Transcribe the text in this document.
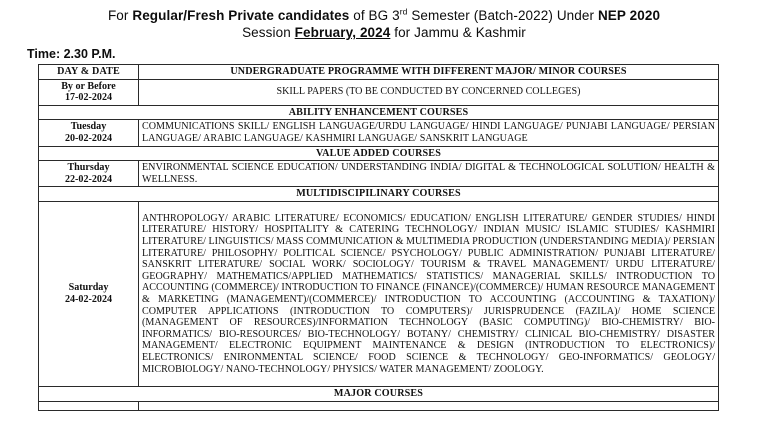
For Regular/Fresh Private candidates of BG 3rd Semester (Batch-2022) Under NEP 2020
Session February, 2024 for Jammu & Kashmir
Time: 2.30 P.M.
DAY & DATE	UNDERGRADUATE PROGRAMME WITH DIFFERENT MAJOR/ MINOR COURSES
By or Before
17-02-2024	SKILL PAPERS (TO BE CONDUCTED BY CONCERNED COLLEGES)
ABILITY ENHANCEMENT COURSES	
Tuesday
20-02-2024	COMMUNICATIONS SKILL/ ENGLISH LANGUAGE/URDU LANGUAGE/ HINDI LANGUAGE/ PUNJABI LANGUAGE/ PERSIAN LANGUAGE/ ARABIC LANGUAGE/ KASHMIRI LANGUAGE/ SANSKRIT LANGUAGE
VALUE ADDED COURSES	
Thursday
22-02-2024	ENVIRONMENTAL SCIENCE EDUCATION/ UNDERSTANDING INDIA/ DIGITAL & TECHNOLOGICAL SOLUTION/ HEALTH & WELLNESS.
MULTIDISCIPILINARY COURSES	
Saturday
24-02-2024	ANTHROPOLOGY/ ARABIC LITERATURE/ ECONOMICS/ EDUCATION/ ENGLISH LITERATURE/ GENDER STUDIES/ HINDI LITERATURE/ HISTORY/ HOSPITALITY & CATERING TECHNOLOGY/ INDIAN MUSIC/ ISLAMIC STUDIES/ KASHMIRI LITERATURE/ LINGUISTICS/ MASS COMMUNICATION & MULTIMEDIA PRODUCTION (UNDERSTANDING MEDIA)/ PERSIAN LITERATURE/ PHILOSOPHY/ POLITICAL SCIENCE/ PSYCHOLOGY/ PUBLIC ADMINISTRATION/ PUNJABI LITERATURE/ SANSKRIT LITERATURE/ SOCIAL WORK/ SOCIOLOGY/ TOURISM & TRAVEL MANAGEMENT/ URDU LITERATURE/ GEOGRAPHY/ MATHEMATICS/APPLIED MATHEMATICS/ STATISTICS/ MANAGERIAL SKILLS/ INTRODUCTION TO ACCOUNTING (COMMERCE)/ INTRODUCTION TO FINANCE (FINANCE)/(COMMERCE)/ HUMAN RESOURCE MANAGEMENT & MARKETING (MANAGEMENT)/(COMMERCE)/ INTRODUCTION TO ACCOUNTING (ACCOUNTING & TAXATION)/ COMPUTER APPLICATIONS (INTRODUCTION TO COMPUTERS)/ JURISPRUDENCE (FAZILA)/ HOME SCIENCE (MANAGEMENT OF RESOURCES)/INFORMATION TECHNOLOGY (BASIC COMPUTING)/ BIO-CHEMISTRY/ BIO-INFORMATICS/ BIO-RESOURCES/ BIO-TECHNOLOGY/ BOTANY/ CHEMISTRY/ CLINICAL BIO-CHEMISTRY/ DISASTER MANAGEMENT/ ELECTRONIC EQUIPMENT MAINTENANCE & DESIGN (INTRODUCTION TO ELECTRONICS)/ ELECTRONICS/ ENIRONMENTAL SCIENCE/ FOOD SCIENCE & TECHNOLOGY/ GEO-INFORMATICS/ GEOLOGY/ MICROBIOLOGY/ NANO-TECHNOLOGY/ PHYSICS/ WATER MANAGEMENT/ ZOOLOGY.
MAJOR COURSES	
